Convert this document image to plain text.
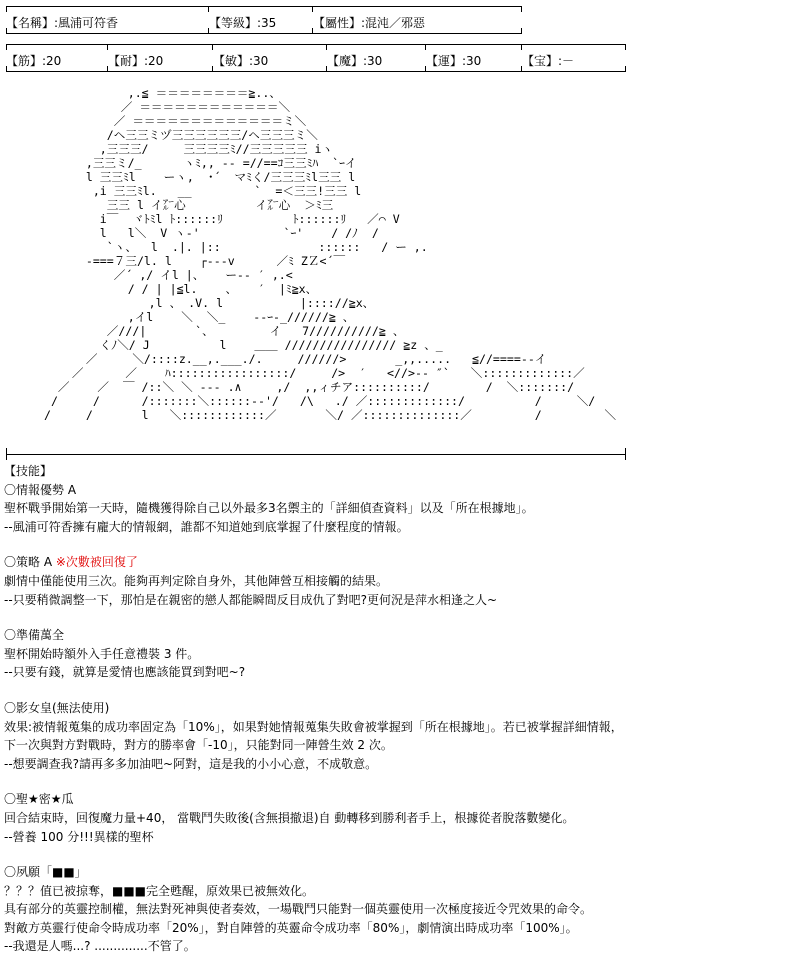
【名稱】:風浦可符香	【等級】:35	【屬性】:混沌／邪惡
【筋】:20	【耐】:20	【敏】:30	【魔】:30	【運】:30	【宝】:－
,.≦ ＝＝＝＝＝＝＝＝≧..、
／ ＝＝＝＝＝＝＝＝＝＝＝＝＼
／ ＝＝＝＝＝＝＝＝＝＝＝＝＝ミ＼
/ヘ三三ミヅ三三三三三三/ヘ三三三ミ＼
,三三三/     三三三三ﾐ//三三三三三 iヽ
,三三ミ/_      ヽﾐ,, -- =//==ｺ三三ﾐﾊ  `ｰイ
l 三三ﾐl    ーヽ,  ･´  マﾐく/三三三ﾐl三三 l
,i 三三ﾐl.   __         `  =＜三三!三三 l
三三 l イ㌃心          イ㌃心  ＞ﾐ三
i￣  ヾﾄﾐl ﾄ::::::ﾘ          ﾄ::::::ﾘ   ／⌒ V
l   l＼  V ヽ‐'            `ｰ'    / /ﾉ  /
`ヽ、  l  .|. |::              ::::::   / ー ,.
-===７三/l. l    ┌‐‐-v      ／ﾐ ZＺ<´￣
／´ ,/ イl |、   ー-- ′ ,.<
/ / | |≦l.    、   ′  |ﾐ≧x、
,l 、 .V. l           |:::://≧x、
,イl    ＼  ＼_    --ｰ-_//////≧ 、
／///|       `、        イ   7//////////≧ 、
くﾉ＼/ J          l    ＿＿ //////////////// ≧z 、_
／     ＼/::::z.__,.___./.     //////>       _,,.....   ≦//====--イ
／      ／    ﾊ:::::::::::::::::/     />  ′   <//>-- ″`   ＼:::::::::::::／
／    ／  ￣ /::＼ ＼ ‐‐‐ .∧     ,/  ,,ィチア::::::::::/        /  ＼:::::::/
/     /      /:::::::＼::::::‐‐'/   /\   ./ ／:::::::::::::/          /     ＼/
/     /       l   ＼::::::::::::／       ＼/ ／::::::::::::::／         /         ＼

【技能】

〇情報優勢 A

聖杯戰爭開始第一天時，隨機獲得除自己以外最多3名禦主的「詳細偵查資料」以及「所在根據地」。

--風浦可符香擁有龐大的情報網，誰都不知道她到底掌握了什麼程度的情報。

〇策略 A ※次數被回復了

劇情中僅能使用三次。能夠再判定除自身外，其他陣營互相接觸的結果。

--只要稍微調整一下，那怕是在親密的戀人都能瞬間反目成仇了對吧?更何況是萍水相逢之人~

〇準備萬全

聖杯開始時額外入手任意禮裝 3 件。

--只要有錢，就算是愛情也應該能買到對吧~?

〇影女皇(無法使用)

效果:被情報蒐集的成功率固定為「10%」，如果對她情報蒐集失敗會被掌握到「所在根據地」。若已被掌握詳細情報，

下一次與對方對戰時，對方的勝率會「-10」，只能對同一陣營生效 2 次。

--想要調查我?請再多多加油吧~阿對，這是我的小小心意，不成敬意。

〇聖★密★瓜

回合結束時，回復魔力量+40， 當戰鬥失敗後(含無損撤退)自 動轉移到勝利者手上，根據從者脫落數變化。

--營養 100 分!!!異樣的聖杯

〇夙願「■■」

？？？值已被掠奪，■■■完全甦醒，原效果已被無效化。

具有部分的英靈控制權，無法對死神與使者奏效，一場戰鬥只能對一個英靈使用一次極度接近令咒效果的命令。

對敵方英靈行使命令時成功率「20%」，對自陣營的英靈命令成功率「80%」，劇情演出時成功率「100%」。

--我還是人嗎...? ..............不管了。
